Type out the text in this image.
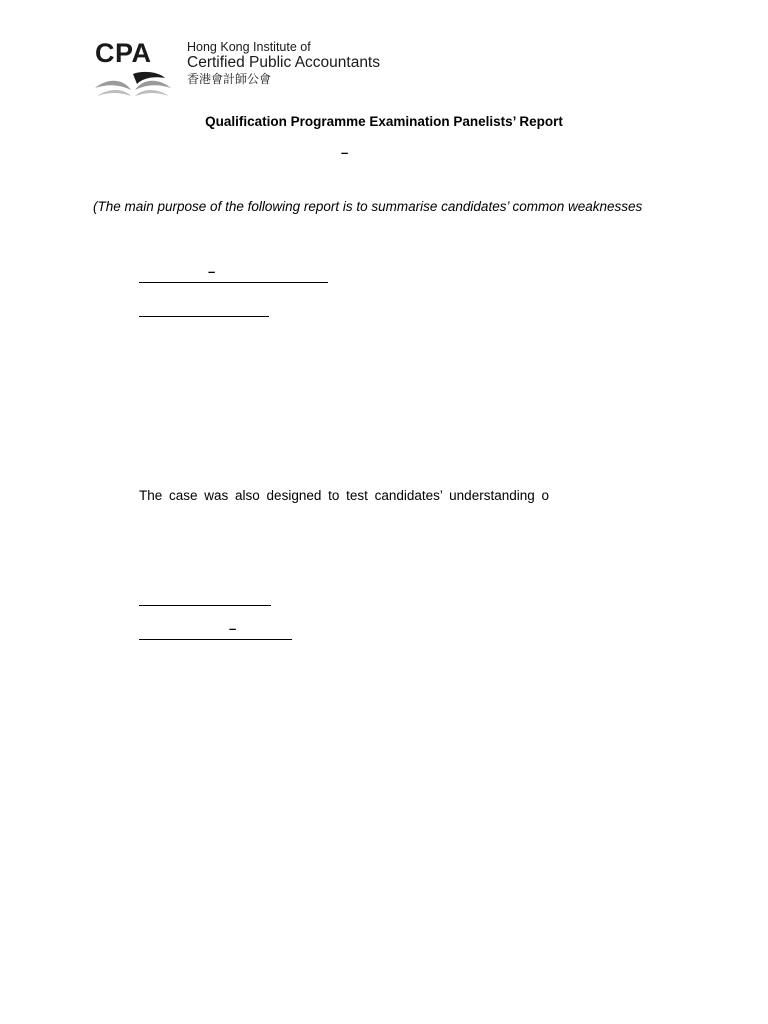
CPA	Hong Kong Institute of
Certified Public Accountants
香港會計師公會
Qualification Programme Examination Panelists’ Report
–
(The main purpose of the following report is to summarise candidates’ common weaknesses
–
The case was also designed to test candidates’ understanding o
–
